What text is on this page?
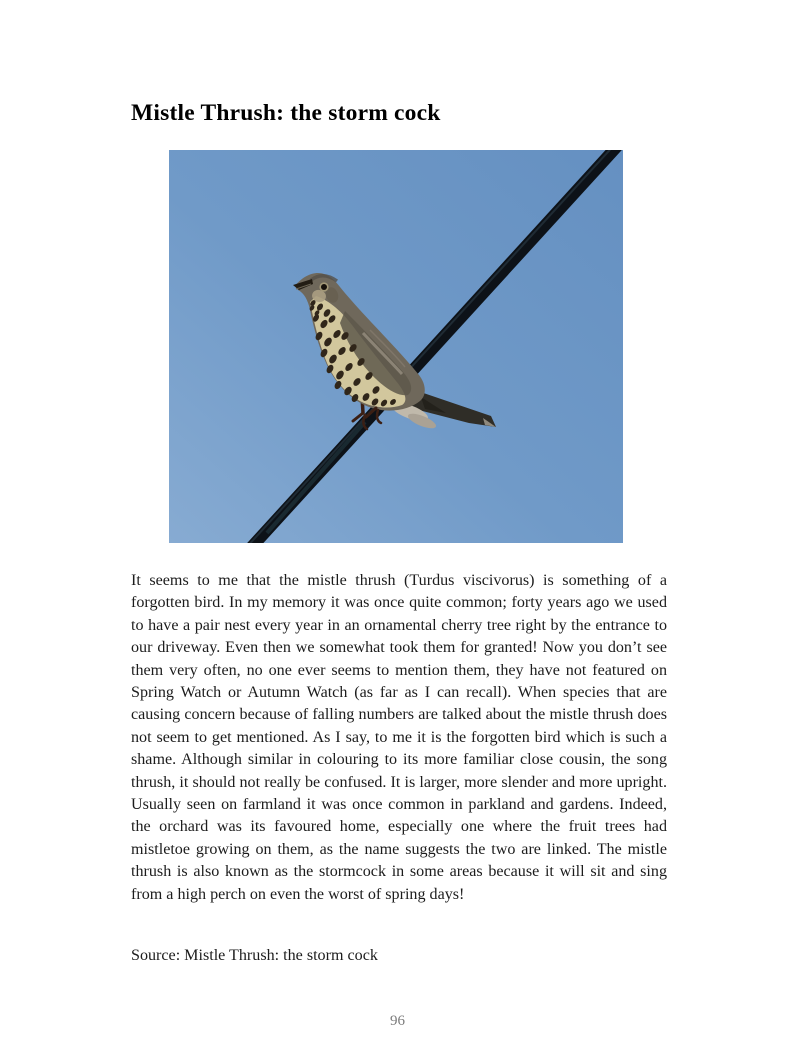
Mistle Thrush: the storm cock

It seems to me that the mistle thrush (Turdus viscivorus) is something of a forgotten bird. In my memory it was once quite common; forty years ago we used to have a pair nest every year in an ornamental cherry tree right by the entrance to our driveway. Even then we somewhat took them for granted! Now you don’t see them very often, no one ever seems to mention them, they have not featured on Spring Watch or Autumn Watch (as far as I can recall). When species that are causing concern because of falling numbers are talked about the mistle thrush does not seem to get mentioned. As I say, to me it is the forgotten bird which is such a shame. Although similar in colouring to its more familiar close cousin, the song thrush, it should not really be confused. It is larger, more slender and more upright. Usually seen on farmland it was once common in parkland and gardens. Indeed, the orchard was its favoured home, especially one where the fruit trees had mistletoe growing on them, as the name suggests the two are linked. The mistle thrush is also known as the stormcock in some areas because it will sit and sing from a high perch on even the worst of spring days!

Source: Mistle Thrush: the storm cock

96
